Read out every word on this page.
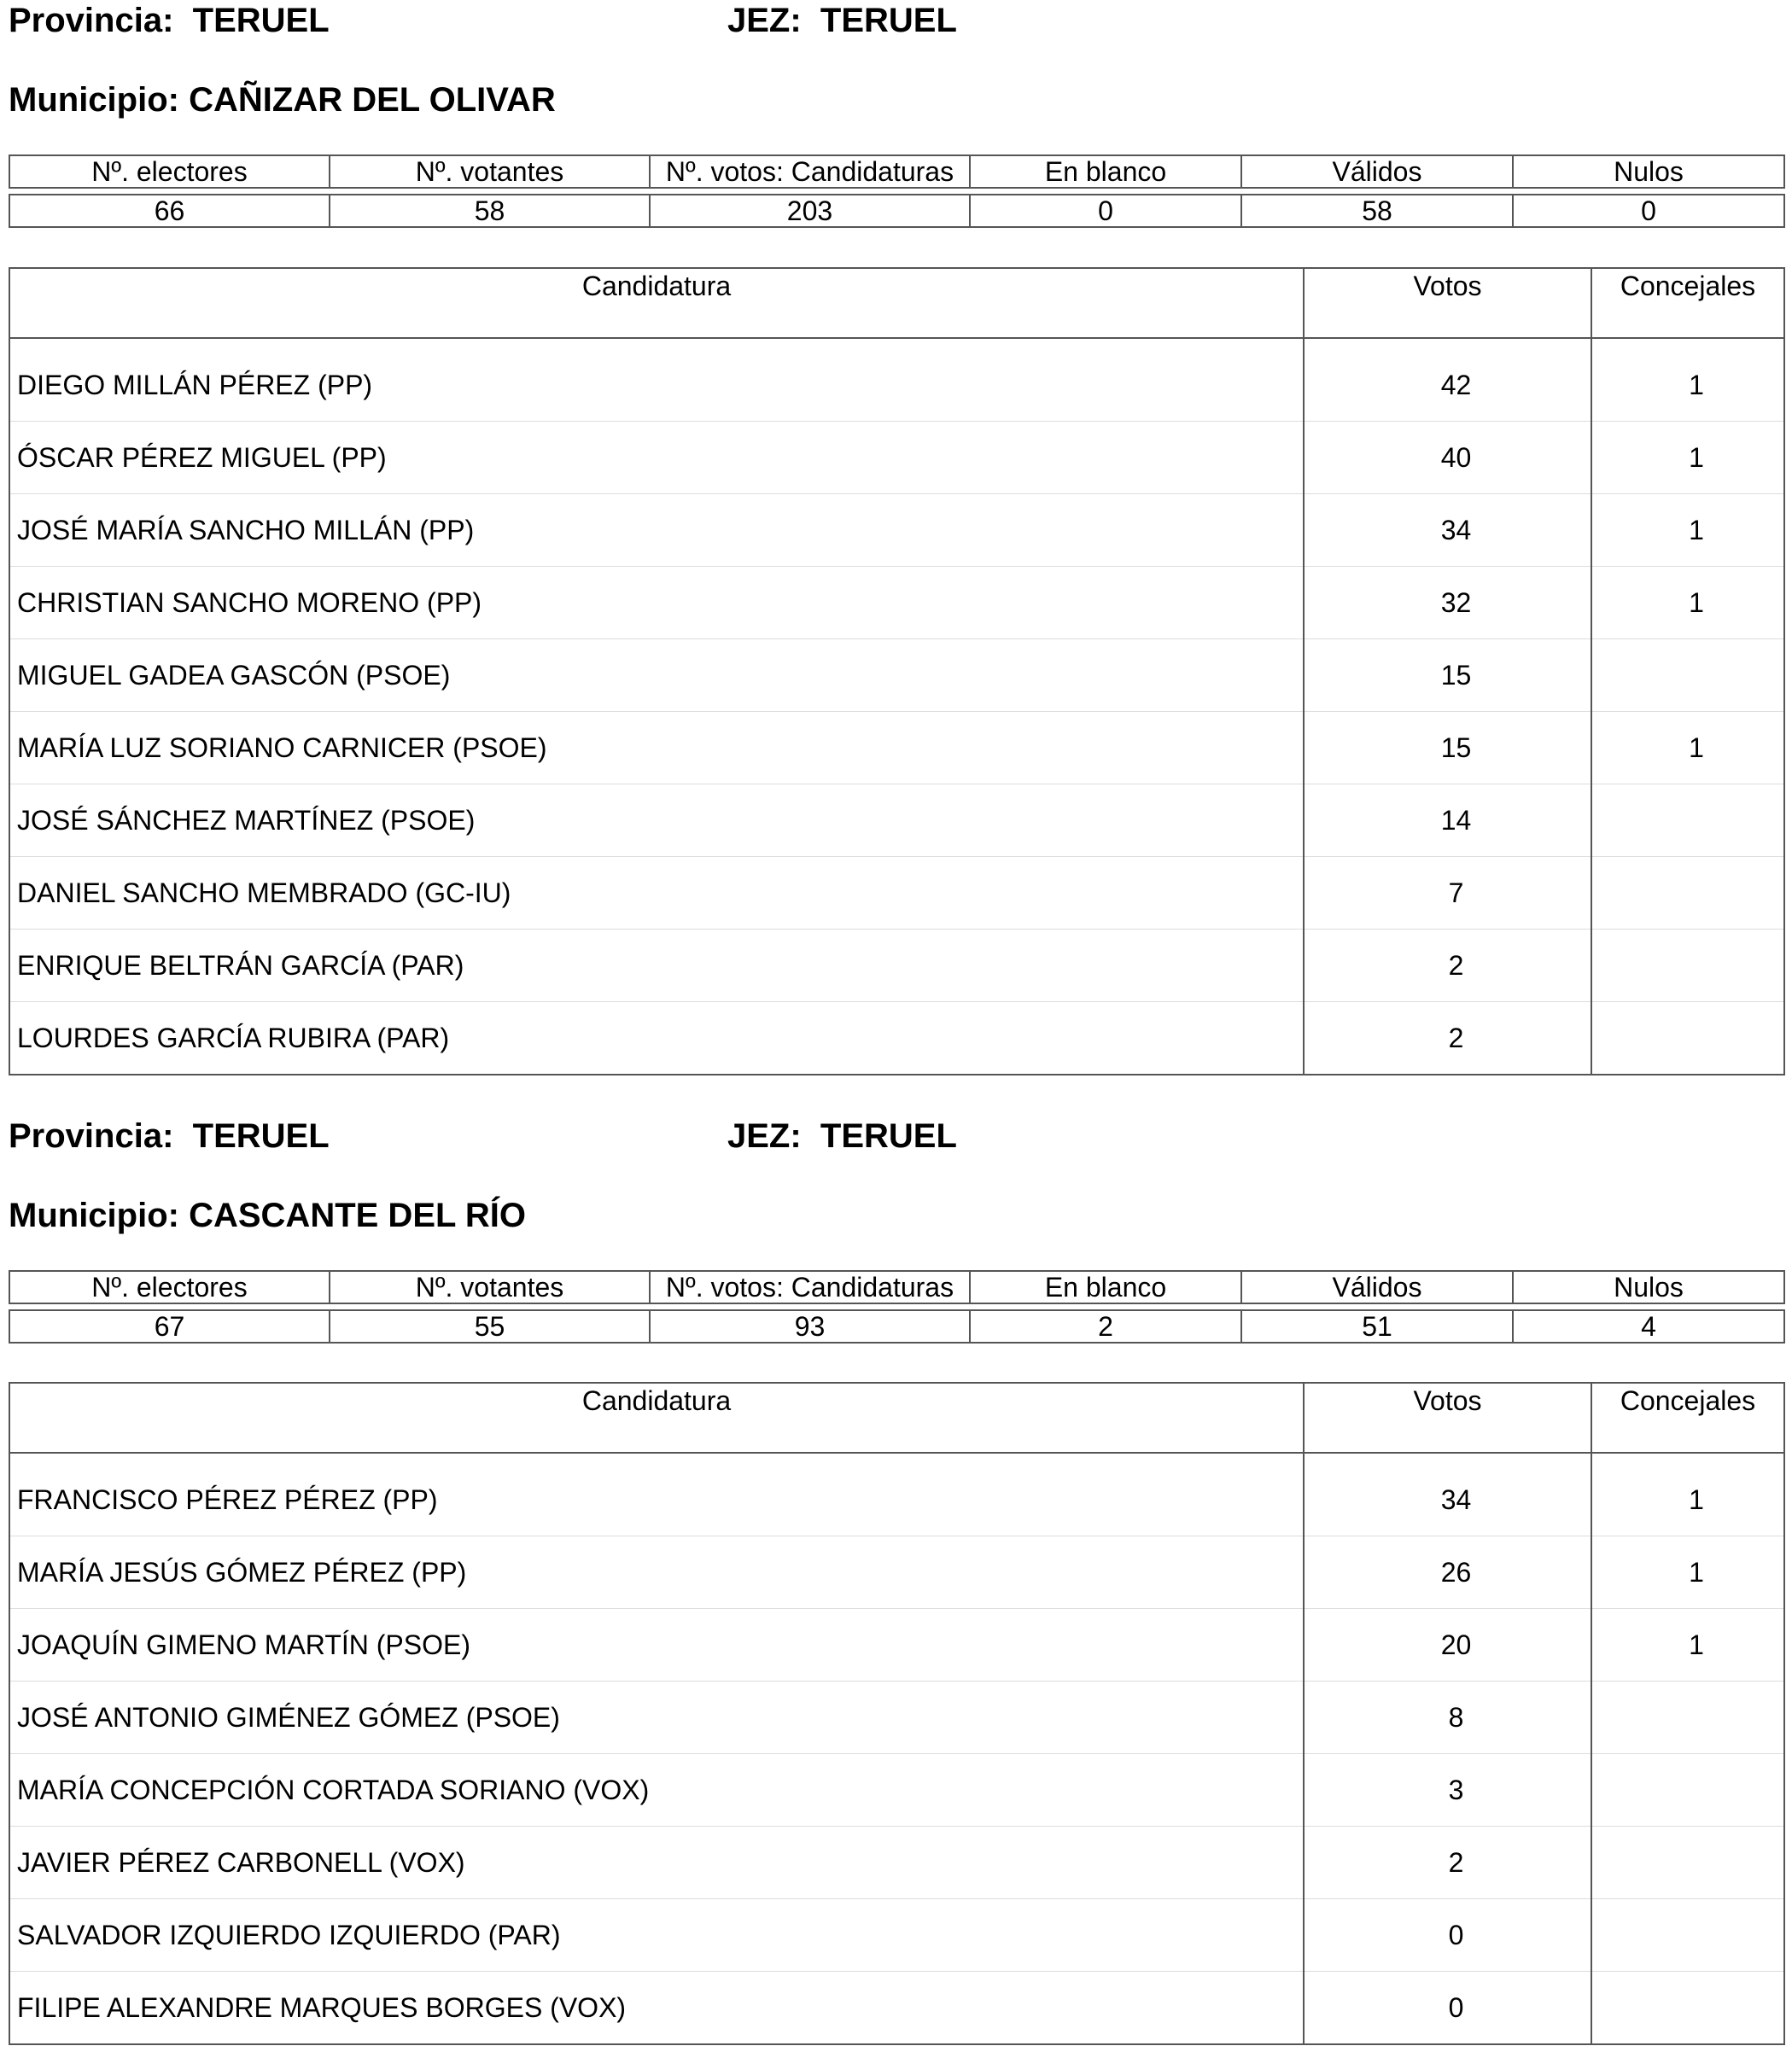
Provincia: TERUEL	JEZ: TERUEL
Municipio: CAÑIZAR DEL OLIVAR
Nº. electores	Nº. votantes	Nº. votos: Candidaturas	En blanco	Válidos	Nulos

66	58	203	0	58	0
Candidatura	Votos	Concejales
DIEGO MILLÁN PÉREZ (PP)	42	1
ÓSCAR PÉREZ MIGUEL (PP)	40	1
JOSÉ MARÍA SANCHO MILLÁN (PP)	34	1
CHRISTIAN SANCHO MORENO (PP)	32	1
MIGUEL GADEA GASCÓN (PSOE)	15	
MARÍA LUZ SORIANO CARNICER (PSOE)	15	1
JOSÉ SÁNCHEZ MARTÍNEZ (PSOE)	14	
DANIEL SANCHO MEMBRADO (GC-IU)	7	
ENRIQUE BELTRÁN GARCÍA (PAR)	2	
LOURDES GARCÍA RUBIRA (PAR)	2	
Provincia: TERUEL	JEZ: TERUEL
Municipio: CASCANTE DEL RÍO
Nº. electores	Nº. votantes	Nº. votos: Candidaturas	En blanco	Válidos	Nulos

67	55	93	2	51	4
Candidatura	Votos	Concejales
FRANCISCO PÉREZ PÉREZ (PP)	34	1
MARÍA JESÚS GÓMEZ PÉREZ (PP)	26	1
JOAQUÍN GIMENO MARTÍN (PSOE)	20	1
JOSÉ ANTONIO GIMÉNEZ GÓMEZ (PSOE)	8	
MARÍA CONCEPCIÓN CORTADA SORIANO (VOX)	3	
JAVIER PÉREZ CARBONELL (VOX)	2	
SALVADOR IZQUIERDO IZQUIERDO (PAR)	0	
FILIPE ALEXANDRE MARQUES BORGES (VOX)	0	
